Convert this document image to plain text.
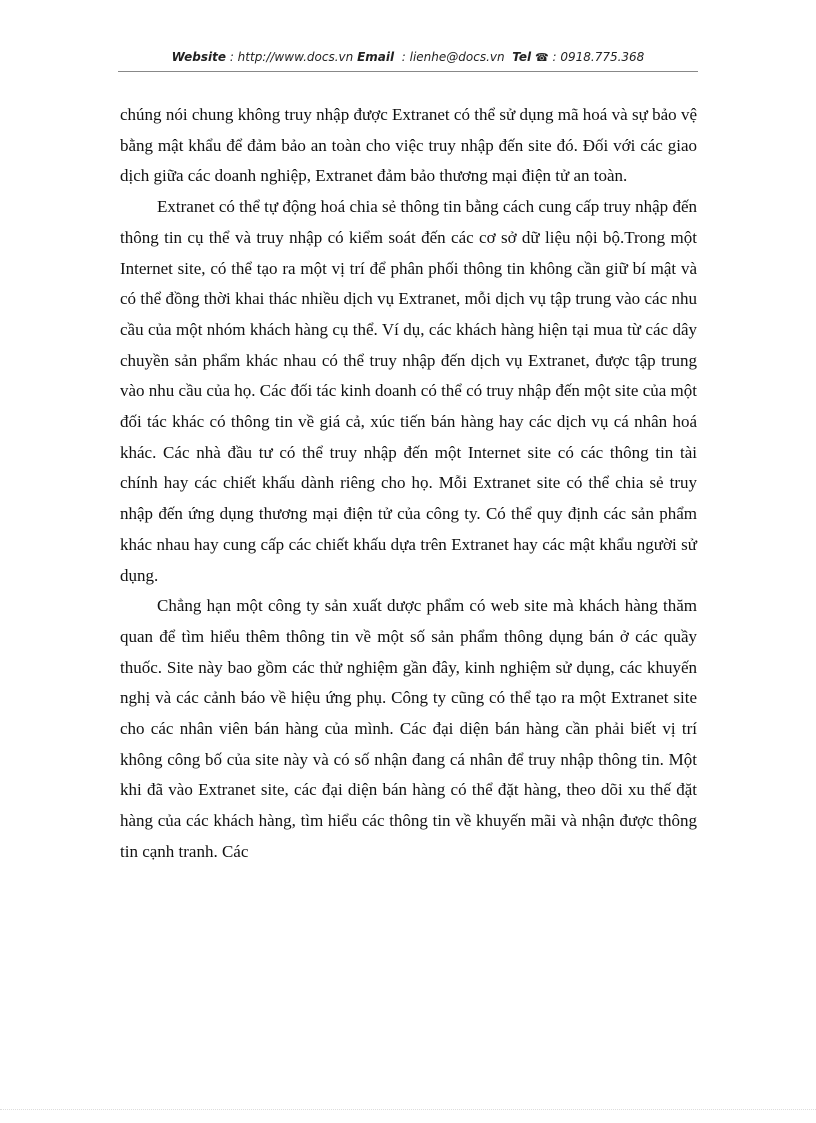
Website : http://www.docs.vn Email  : lienhe@docs.vn Tel ☎ : 0918.775.368

chúng nói chung không truy nhập được Extranet có thể sử dụng mã hoá và sự bảo vệ bằng mật khẩu để đảm bảo an toàn cho việc truy nhập đến site đó. Đối với các giao dịch giữa các doanh nghiệp, Extranet đảm bảo thương mại điện tử an toàn.

Extranet có thể tự động hoá chia sẻ thông tin bằng cách cung cấp truy nhập đến thông tin cụ thể và truy nhập có kiểm soát đến các cơ sở dữ liệu nội bộ.Trong một Internet site, có thể tạo ra một vị trí để phân phối thông tin không cần giữ bí mật và có thể đồng thời khai thác nhiều dịch vụ Extranet, mỗi dịch vụ tập trung vào các nhu cầu của một nhóm khách hàng cụ thể. Ví dụ, các khách hàng hiện tại mua từ các dây chuyền sản phẩm khác nhau có thể truy nhập đến dịch vụ Extranet, được tập trung vào nhu cầu của họ. Các đối tác kinh doanh có thể có truy nhập đến một site của một đối tác khác có thông tin về giá cả, xúc tiến bán hàng hay các dịch vụ cá nhân hoá khác. Các nhà đầu tư có thể truy nhập đến một Internet site có các thông tin tài chính hay các chiết khấu dành riêng cho họ. Mỗi Extranet site có thể chia sẻ truy nhập đến ứng dụng thương mại điện tử của công ty. Có thể quy định các sản phẩm khác nhau hay cung cấp các chiết khấu dựa trên Extranet hay các mật khẩu người sử dụng.

Chẳng hạn một công ty sản xuất dược phẩm có web site mà khách hàng thăm quan để tìm hiểu thêm thông tin về một số sản phẩm thông dụng bán ở các quầy thuốc. Site này bao gồm các thử nghiệm gần đây, kinh nghiệm sử dụng, các khuyến nghị và các cảnh báo về hiệu ứng phụ. Công ty cũng có thể tạo ra một Extranet site cho các nhân viên bán hàng của mình. Các đại diện bán hàng cần phải biết vị trí không công bố của site này và có số nhận đang cá nhân để truy nhập thông tin. Một khi đã vào Extranet site, các đại diện bán hàng có thể đặt hàng, theo dõi xu thế đặt hàng của các khách hàng, tìm hiểu các thông tin về khuyến mãi và nhận được thông tin cạnh tranh. Các
